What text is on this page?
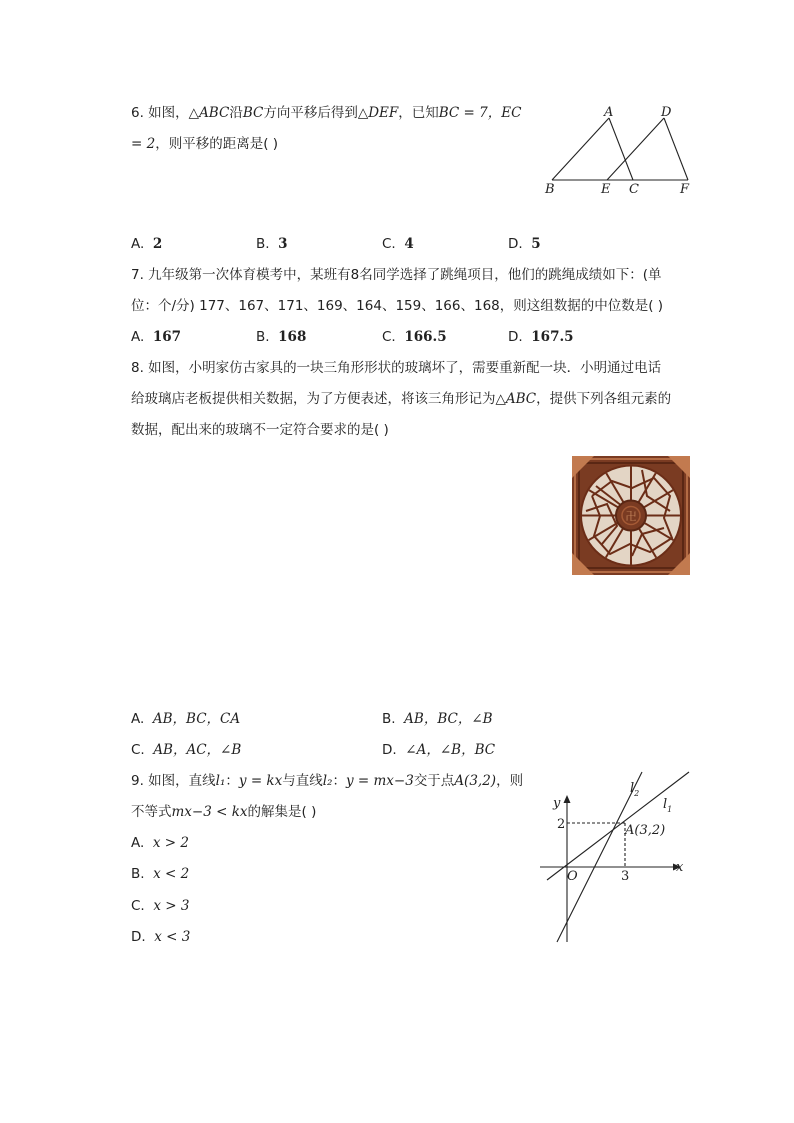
6. 如图，△ABC沿BC方向平移后得到△DEF，已知BC = 7，EC
= 2，则平移的距离是( )
A	D
B	E C	F
A. 2	B. 3	C. 4	D. 5
7. 九年级第一次体育模考中，某班有8名同学选择了跳绳项目，他们的跳绳成绩如下：(单
位：个/分) 177、167、171、169、164、159、166、168，则这组数据的中位数是( )
A. 167	B. 168	C. 166.5	D. 167.5
8. 如图，小明家仿古家具的一块三角形形状的玻璃坏了，需要重新配一块．小明通过电话
给玻璃店老板提供相关数据，为了方便表述，将该三角形记为△ABC，提供下列各组元素的
数据，配出来的玻璃不一定符合要求的是( )
卍
A. AB，BC，CA	B. AB，BC，∠B
C. AB，AC，∠B	D. ∠A，∠B，BC
9. 如图，直线l₁：y = kx与直线l₂：y = mx−3交于点A(3,2)，则
不等式mx−3 < kx的解集是( )
A. x > 2
B. x < 2
C. x > 3
D. x < 3
y
x
O
2
3
A(3,2)
$l_1$
$l_2$
